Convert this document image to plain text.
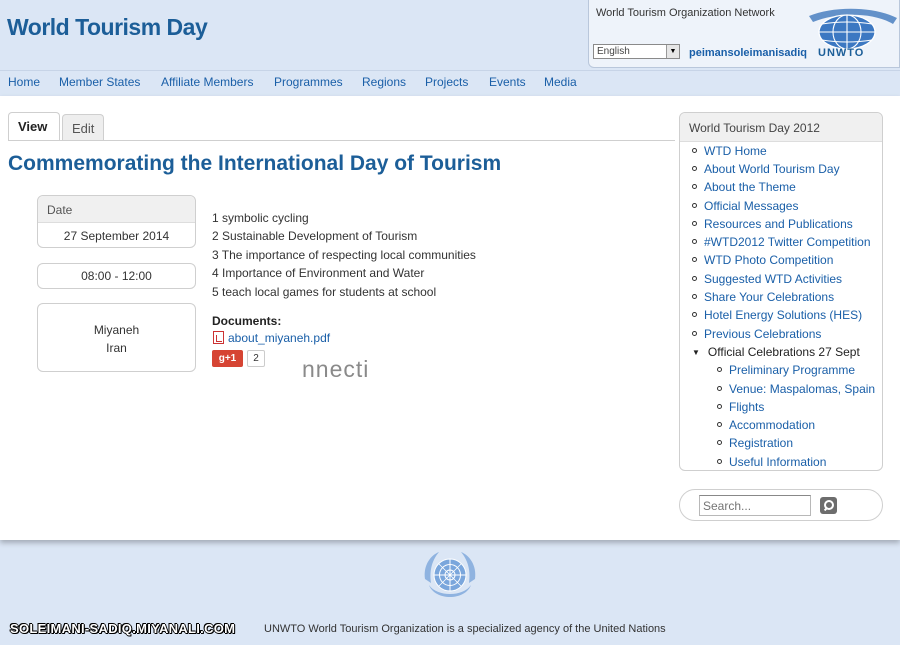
World Tourism Day
World Tourism Organization Network
English	▼ peimansoleimanisadiq UNWTO
Home Member States Affiliate Members Programmes Regions Projects Events Media
View	Edit
Commemorating the International Day of Tourism
Date
27 September 2014
08:00 - 12:00
Miyaneh
Iran
1 symbolic cycling
2 Sustainable Development of Tourism
3 The importance of respecting local communities
4 Importance of Environment and Water
5 teach local games for students at school
Documents:
about_miyaneh.pdf
g+1	2 nnecti
World Tourism Day 2012
WTD Home
About World Tourism Day
About the Theme
Official Messages
Resources and Publications
#WTD2012 Twitter Competition
WTD Photo Competition
Suggested WTD Activities
Share Your Celebrations
Hotel Energy Solutions (HES)
Previous Celebrations
▼ Official Celebrations 27 Sept
Preliminary Programme
Venue: Maspalomas, Spain
Flights
Accommodation
Registration
Useful Information
Search...
SOLEIMANI-SADIQ.MIYANALI.COM	UNWTO World Tourism Organization is a specialized agency of the United Nations
